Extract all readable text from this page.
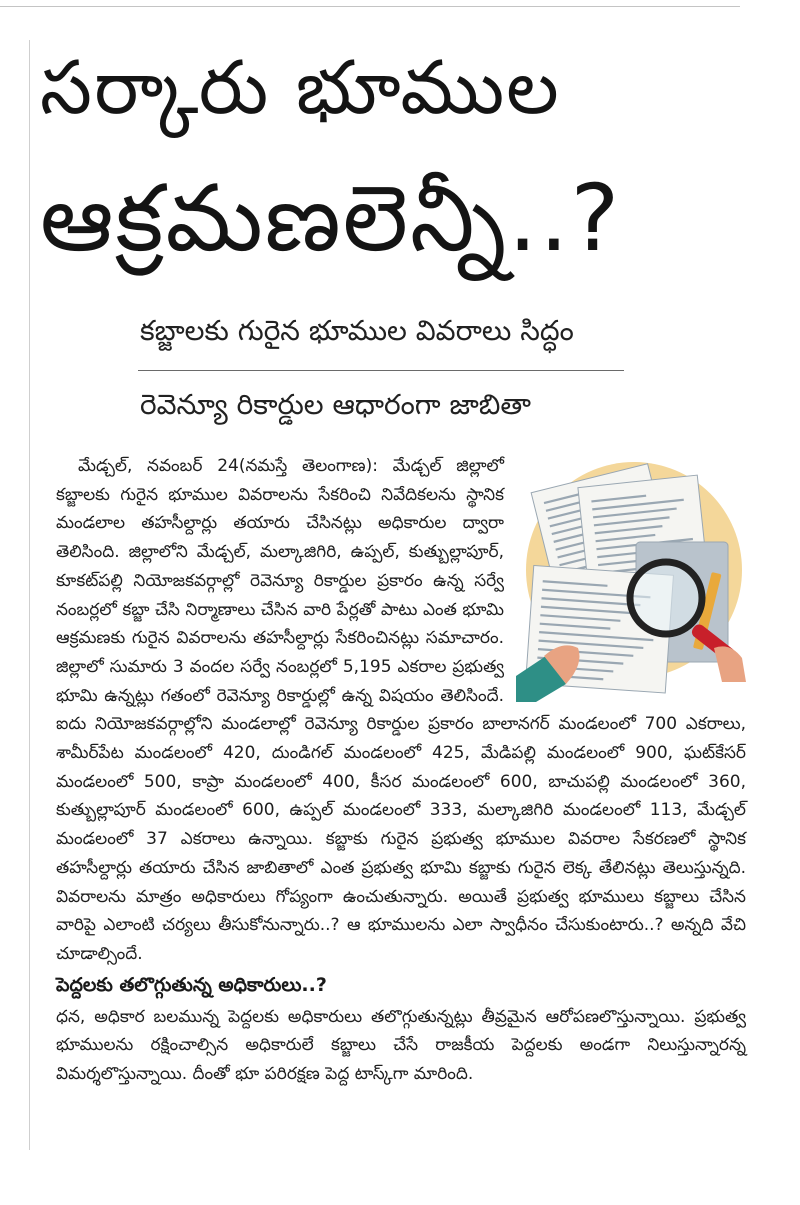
సర్కారు భూముల
ఆక్రమణలెన్నీ..?
కబ్జాలకు గురైన భూముల వివరాలు సిద్ధం
రెవెన్యూ రికార్డుల ఆధారంగా జాబితా

మేడ్చల్, నవంబర్ 24(నమస్తే తెలంగాణ): మేడ్చల్ జిల్లాలో కబ్జాలకు గురైన భూముల వివరాలను సేకరించి నివేదికలను స్థానిక మండలాల తహసీల్దార్లు తయారు చేసినట్లు అధికారుల ద్వారా తెలిసింది. జిల్లాలోని మేడ్చల్, మల్కాజిగిరి, ఉప్పల్, కుత్బుల్లాపూర్, కూకట్‌పల్లి నియోజకవర్గాల్లో రెవెన్యూ రికార్డుల ప్రకారం ఉన్న సర్వే నంబర్లలో కబ్జా చేసి నిర్మాణాలు చేసిన వారి పేర్లతో పాటు ఎంత భూమి ఆక్రమణకు గురైన వివరాలను తహసీల్దార్లు సేకరించినట్లు సమాచారం. జిల్లాలో సుమారు 3 వందల సర్వే నంబర్లలో 5,195 ఎకరాల ప్రభుత్వ భూమి ఉన్నట్లు గతంలో రెవెన్యూ రికార్డుల్లో ఉన్న విషయం తెలిసిందే. ఐదు నియోజకవర్గాల్లోని మండలాల్లో రెవెన్యూ రికార్డుల ప్రకారం బాలానగర్ మండలంలో 700 ఎకరాలు, శామీర్‌పేట మండలంలో 420, దుండిగల్ మండలంలో 425, మేడిపల్లి మండలంలో 900, ఘట్‌కేసర్ మండలంలో 500, కాప్రా మండలంలో 400, కీసర మండలంలో 600, బాచుపల్లి మండలంలో 360, కుత్బుల్లాపూర్ మండలంలో 600, ఉప్పల్ మండలంలో 333, మల్కాజిగిరి మండలంలో 113, మేడ్చల్ మండలంలో 37 ఎకరాలు ఉన్నాయి. కబ్జాకు గురైన ప్రభుత్వ భూముల వివరాల సేకరణలో స్థానిక తహసీల్దార్లు తయారు చేసిన జాబితాలో ఎంత ప్రభుత్వ భూమి కబ్జాకు గురైన లెక్క తేలినట్లు తెలుస్తున్నది. వివరాలను మాత్రం అధికారులు గోప్యంగా ఉంచుతున్నారు. అయితే ప్రభుత్వ భూములు కబ్జాలు చేసిన వారిపై ఎలాంటి చర్యలు తీసుకోనున్నారు..? ఆ భూములను ఎలా స్వాధీనం చేసుకుంటారు..? అన్నది వేచి చూడాల్సిందే.

పెద్దలకు తలొగ్గుతున్న అధికారులు..?

ధన, అధికార బలమున్న పెద్దలకు అధికారులు తలొగ్గుతున్నట్లు తీవ్రమైన ఆరోపణలొస్తున్నాయి. ప్రభుత్వ భూములను రక్షించాల్సిన అధికారులే కబ్జాలు చేసే రాజకీయ పెద్దలకు అండగా నిలుస్తున్నారన్న విమర్శలొస్తున్నాయి. దీంతో భూ పరిరక్షణ పెద్ద టాస్క్‌గా మారింది.
